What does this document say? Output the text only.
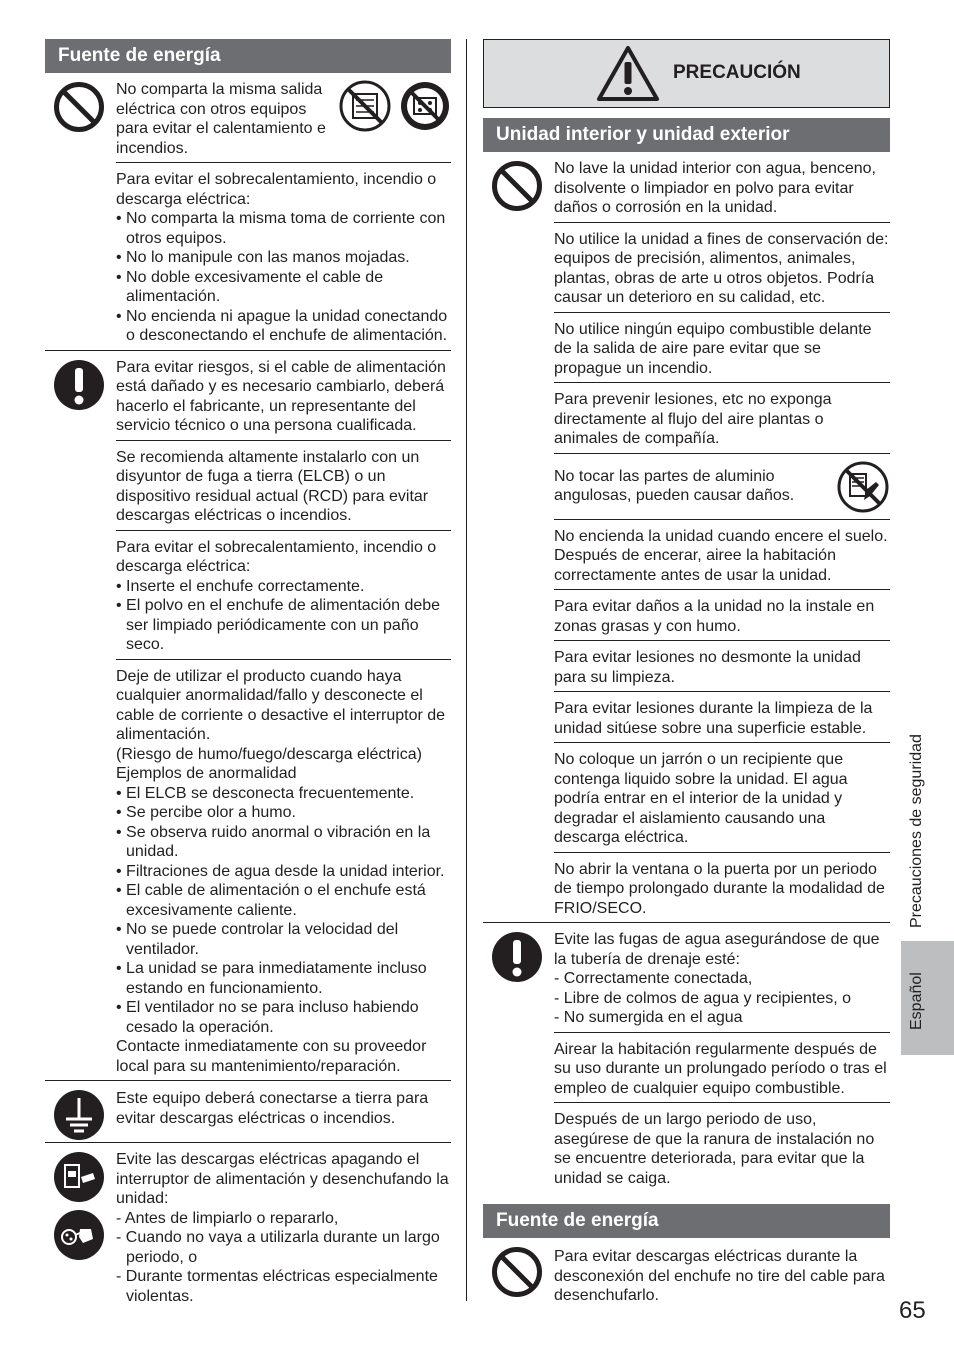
Fuente de energía

No comparta la misma salida eléctrica con otros equipos para evitar el calentamiento e incendios.

Para evitar el sobrecalentamiento, incendio o descarga eléctrica:

• No comparta la misma toma de corriente con otros equipos.

• No lo manipule con las manos mojadas.

• No doble excesivamente el cable de alimentación.

• No encienda ni apague la unidad conectando o desconectando el enchufe de alimentación.

Para evitar riesgos, si el cable de alimentación está dañado y es necesario cambiarlo, deberá hacerlo el fabricante, un representante del servicio técnico o una persona cualificada.

Se recomienda altamente instalarlo con un disyuntor de fuga a tierra (ELCB) o un dispositivo residual actual (RCD) para evitar descargas eléctricas o incendios.

Para evitar el sobrecalentamiento, incendio o descarga eléctrica:

• Inserte el enchufe correctamente.

• El polvo en el enchufe de alimentación debe ser limpiado periódicamente con un paño seco.

Deje de utilizar el producto cuando haya cualquier anormalidad/fallo y desconecte el cable de corriente o desactive el interruptor de alimentación.

(Riesgo de humo/fuego/descarga eléctrica)

Ejemplos de anormalidad

• El ELCB se desconecta frecuentemente.

• Se percibe olor a humo.

• Se observa ruido anormal o vibración en la unidad.

• Filtraciones de agua desde la unidad interior.

• El cable de alimentación o el enchufe está excesivamente caliente.

• No se puede controlar la velocidad del ventilador.

• La unidad se para inmediatamente incluso estando en funcionamiento.

• El ventilador no se para incluso habiendo cesado la operación.

Contacte inmediatamente con su proveedor local para su mantenimiento/reparación.

Este equipo deberá conectarse a tierra para evitar descargas eléctricas o incendios.

Evite las descargas eléctricas apagando el interruptor de alimentación y desenchufando la unidad:

- Antes de limpiarlo o repararlo,

- Cuando no vaya a utilizarla durante un largo periodo, o

- Durante tormentas eléctricas especialmente violentas.

PRECAUCIÓN
Unidad interior y unidad exterior

No lave la unidad interior con agua, benceno, disolvente o limpiador en polvo para evitar daños o corrosión en la unidad.

No utilice la unidad a fines de conservación de: equipos de precisión, alimentos, animales, plantas, obras de arte u otros objetos. Podría causar un deterioro en su calidad, etc.

No utilice ningún equipo combustible delante de la salida de aire pare evitar que se propague un incendio.

Para prevenir lesiones, etc no exponga directamente al flujo del aire plantas o animales de compañía.

No tocar las partes de aluminio angulosas, pueden causar daños.

No encienda la unidad cuando encere el suelo. Después de encerar, airee la habitación correctamente antes de usar la unidad.

Para evitar daños a la unidad no la instale en zonas grasas y con humo.

Para evitar lesiones no desmonte la unidad para su limpieza.

Para evitar lesiones durante la limpieza de la unidad sitúese sobre una superficie estable.

No coloque un jarrón o un recipiente que contenga liquido sobre la unidad. El agua podría entrar en el interior de la unidad y degradar el aislamiento causando una descarga eléctrica.

No abrir la ventana o la puerta por un periodo de tiempo prolongado durante la modalidad de FRIO/SECO.

Evite las fugas de agua asegurándose de que la tubería de drenaje esté:

- Correctamente conectada,

- Libre de colmos de agua y recipientes, o

- No sumergida en el agua

Airear la habitación regularmente después de su uso durante un prolungado período o tras el empleo de cualquier equipo combustible.

Después de un largo periodo de uso, asegúrese de que la ranura de instalación no se encuentre deteriorada, para evitar que la unidad se caiga.

Fuente de energía

Para evitar descargas eléctricas durante la desconexión del enchufe no tire del cable para desenchufarlo.

Precauciones de seguridad
Español
65
